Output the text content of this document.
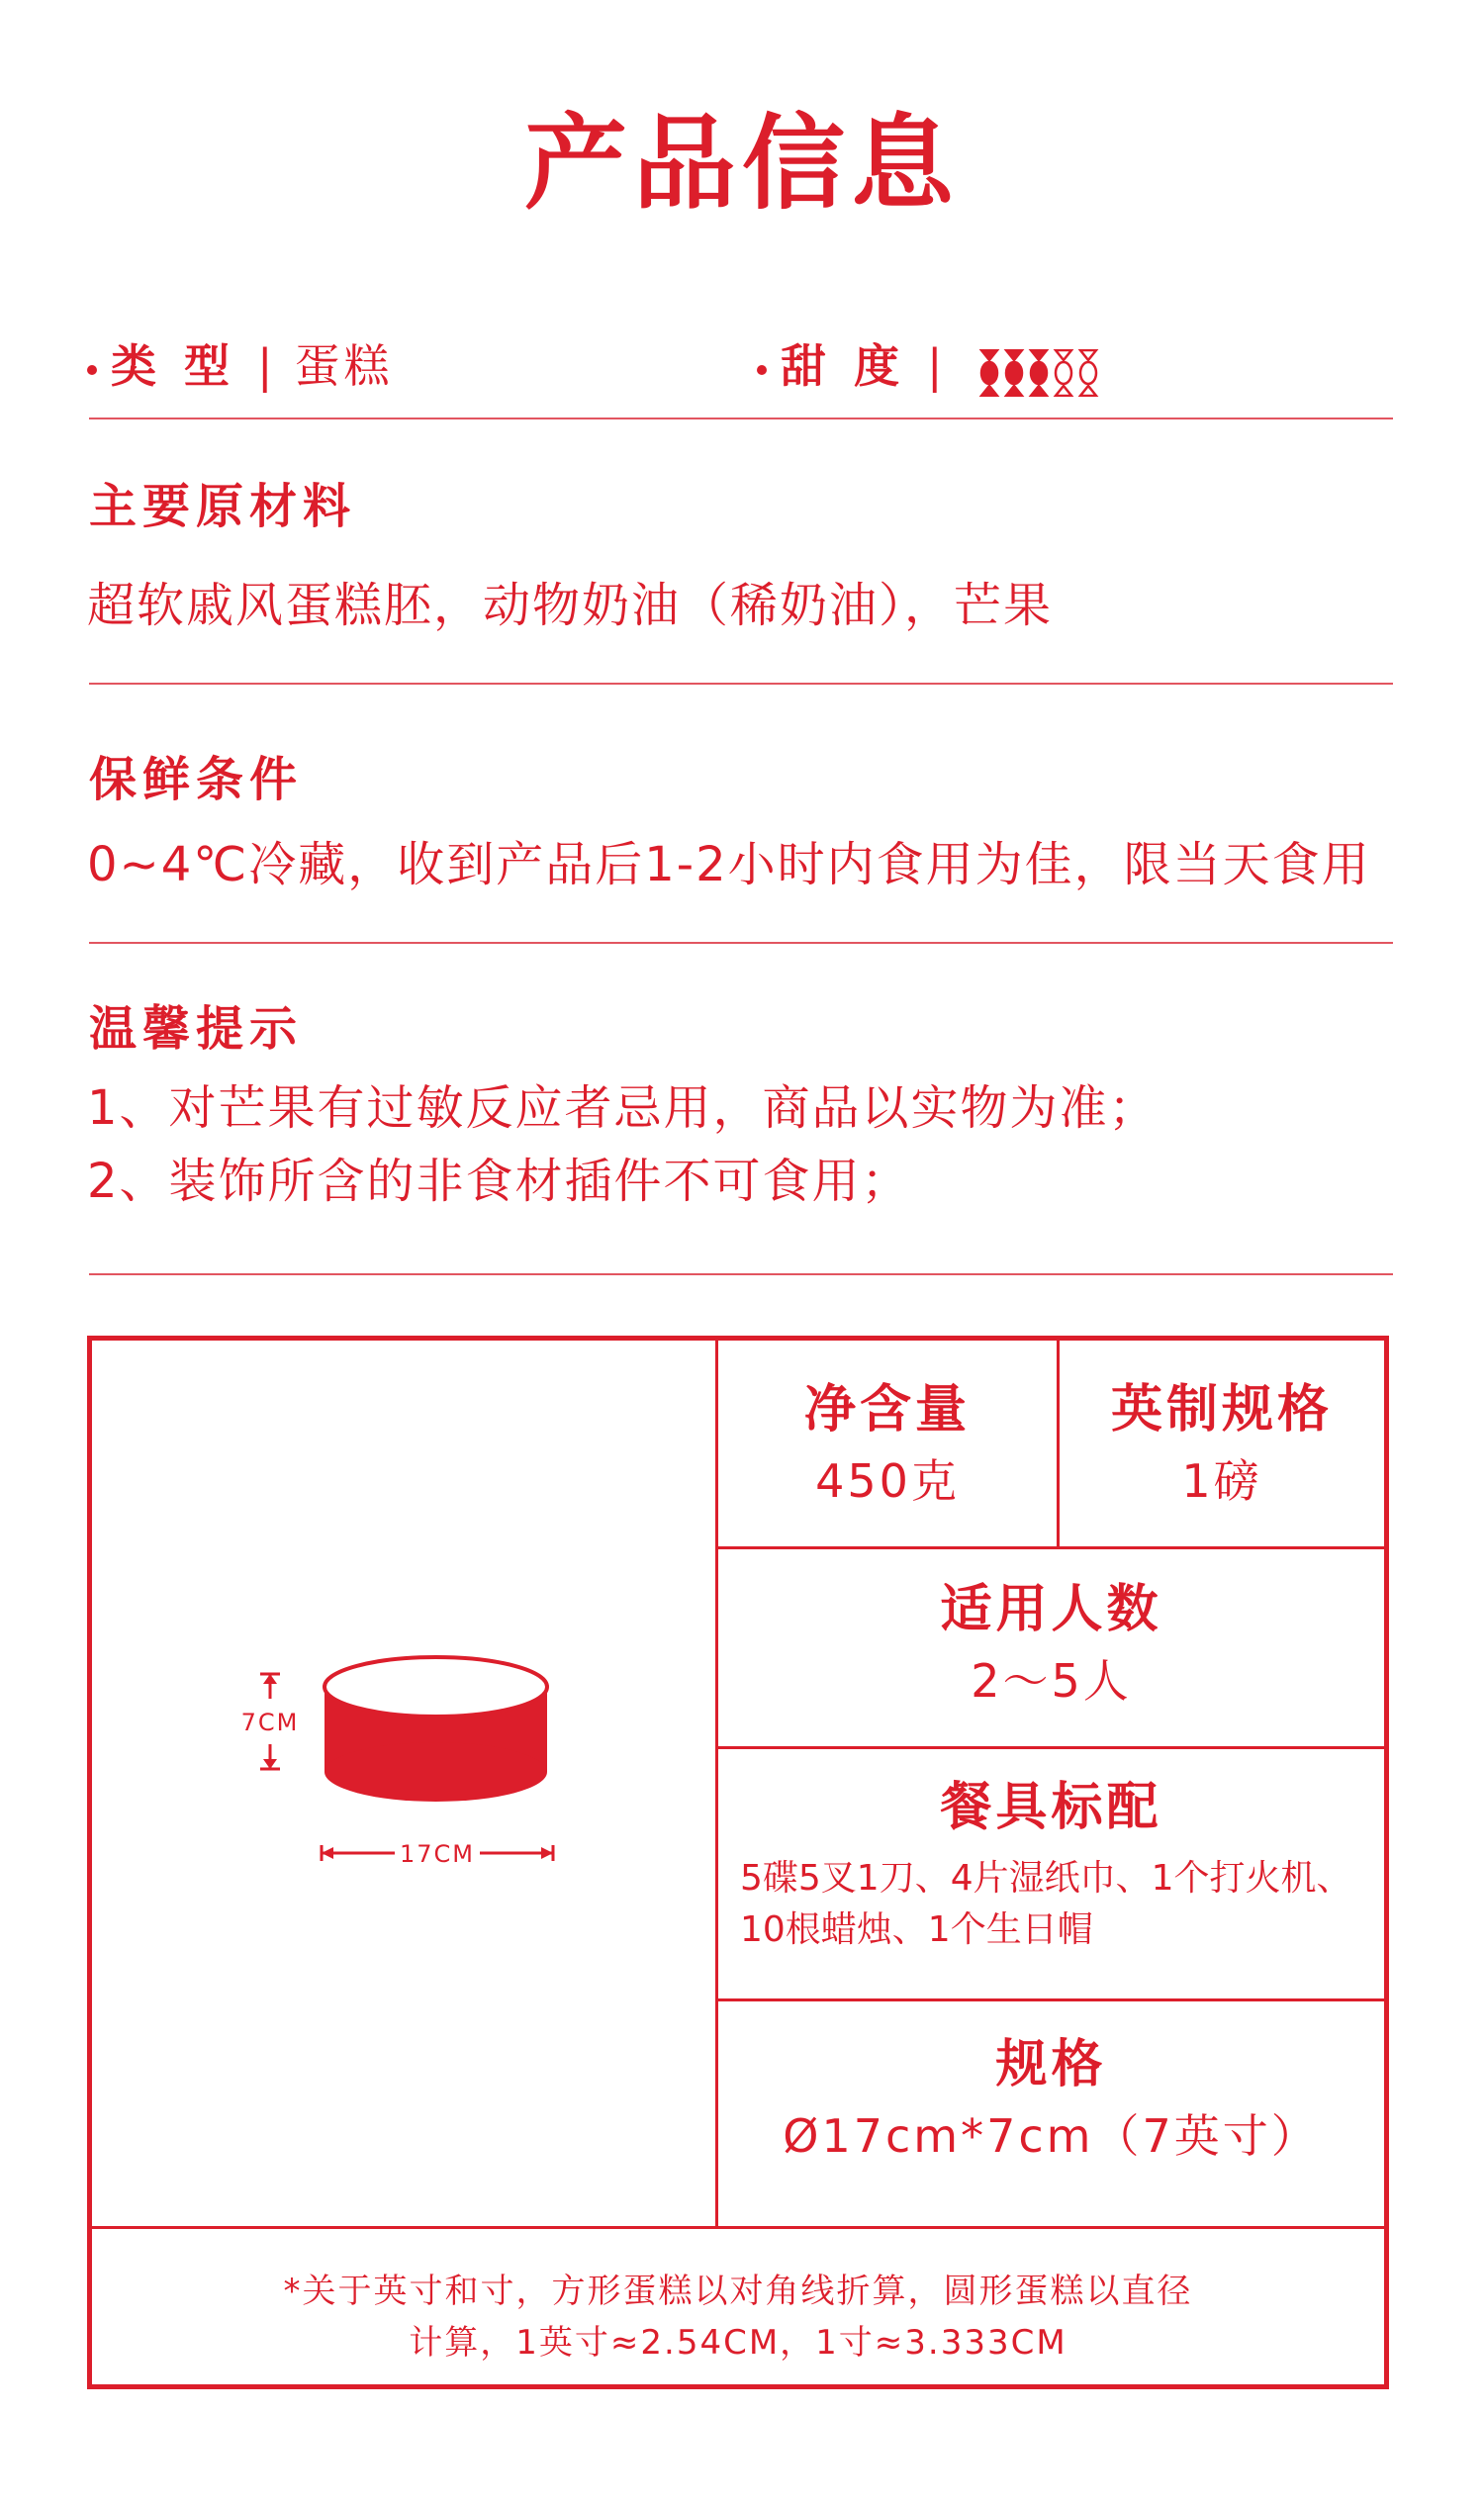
产品信息
类型| 蛋糕	甜度|
主要原材料
超软戚风蛋糕胚，动物奶油（稀奶油），芒果
保鲜条件
0~4℃冷藏，收到产品后1-2小时内食用为佳，限当天食用
温馨提示
1、对芒果有过敏反应者忌用，商品以实物为准；
2、装饰所含的非食材插件不可食用；
7CM
17CM
净含量
450克
英制规格
1磅
适用人数
2～5人
餐具标配
5碟5叉1刀、4片湿纸巾、1个打火机、
10根蜡烛、1个生日帽
规格
Ø17cm*7cm（7英寸）
*关于英寸和寸，方形蛋糕以对角线折算，圆形蛋糕以直径
计算，1英寸≈2.54CM，1寸≈3.333CM
